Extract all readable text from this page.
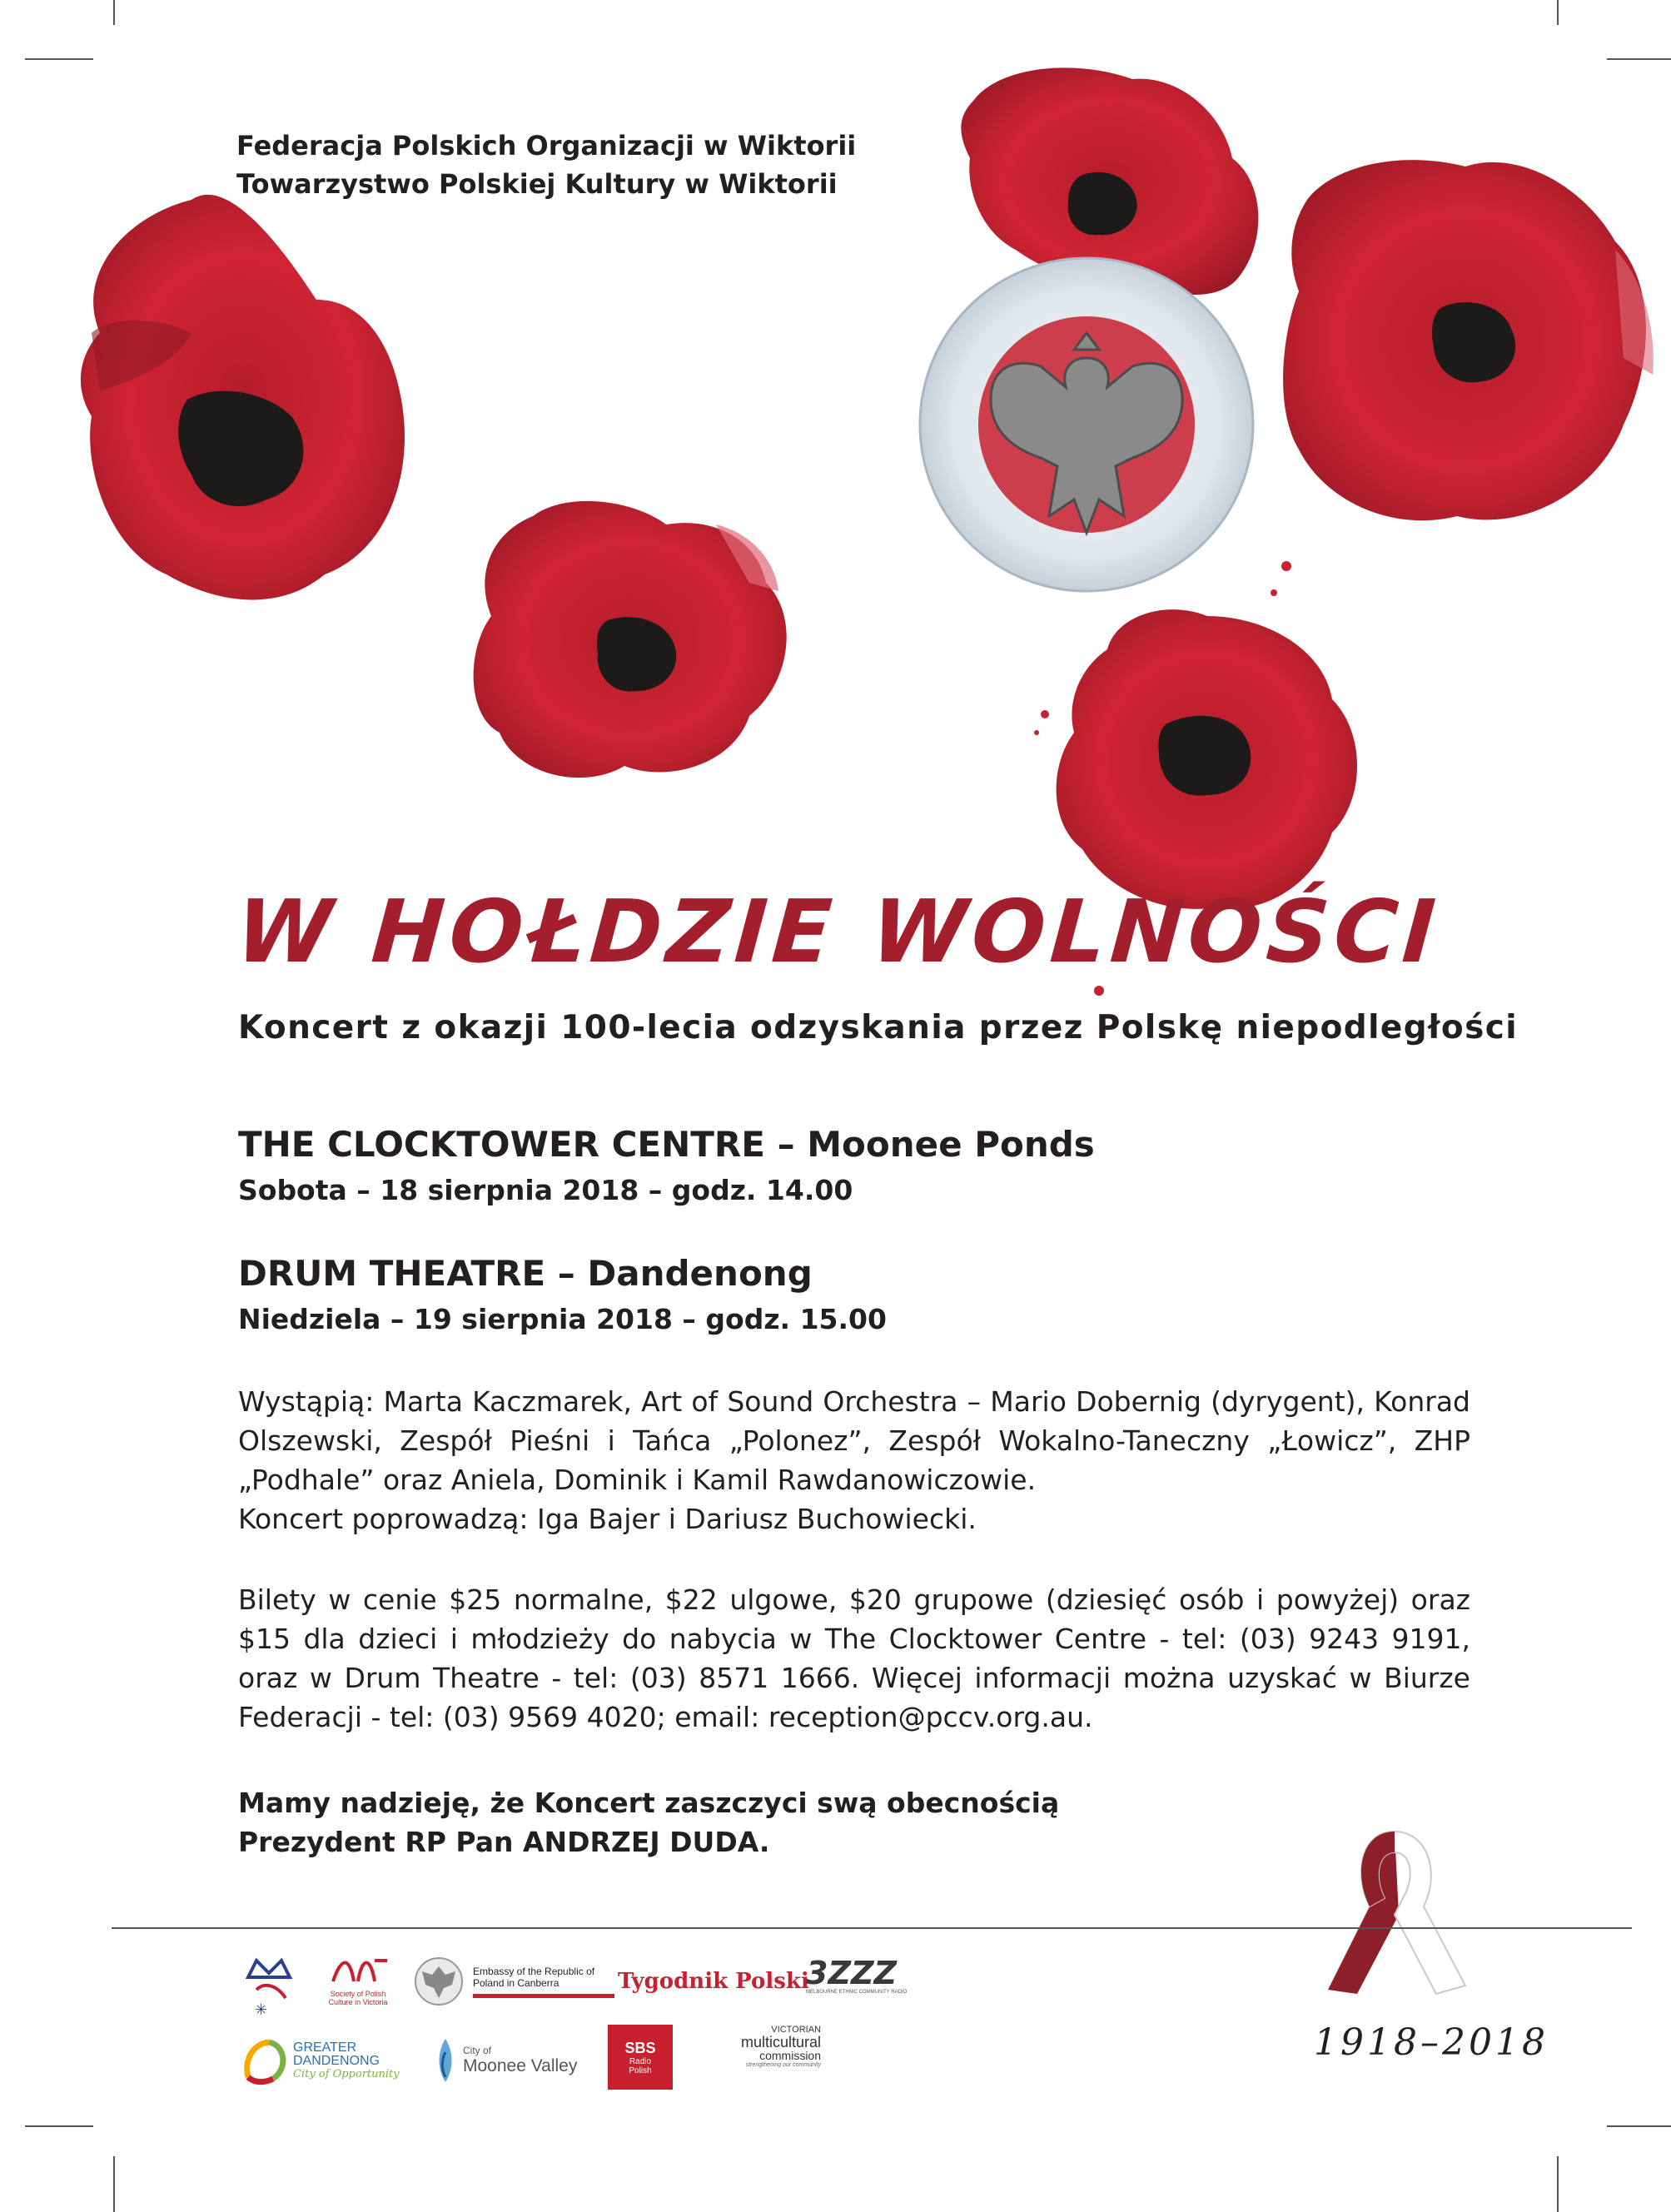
Federacja Polskich Organizacji w Wiktorii
Towarzystwo Polskiej Kultury w Wiktorii
W HOŁDZIE WOLNOŚCI
Koncert z okazji 100-lecia odzyskania przez Polskę niepodległości
THE CLOCKTOWER CENTRE – Moonee Ponds
Sobota – 18 sierpnia 2018 – godz. 14.00
DRUM THEATRE – Dandenong
Niedziela – 19 sierpnia 2018 – godz. 15.00

Wystąpią: Marta Kaczmarek, Art of Sound Orchestra – Mario Dobernig (dyrygent), Konrad Olszewski, Zespół Pieśni i Tańca „Polonez”, Zespół Wokalno-Taneczny „Łowicz”, ZHP „Podhale” oraz Aniela, Dominik i Kamil Rawdanowiczowie.

Koncert poprowadzą: Iga Bajer i Dariusz Buchowiecki.

Bilety w cenie $25 normalne, $22 ulgowe, $20 grupowe (dziesięć osób i powyżej) oraz $15 dla dzieci i młodzieży do nabycia w The Clocktower Centre - tel: (03) 9243 9191, oraz w Drum Theatre - tel: (03) 8571 1666. Więcej informacji można uzyskać w Biurze Federacji - tel: (03) 9569 4020; email: reception@pccv.org.au.

Mamy nadzieję, że Koncert zaszczyci swą obecnością
Prezydent RP Pan ANDRZEJ DUDA.
1918–2018
✳
Society of Polish Culture in Victoria
Embassy of the Republic of Poland in Canberra	Tygodnik Polski
3ZZZ
MELBOURNE ETHNIC COMMUNITY RADIO
GREATER
DANDENONG
City of Opportunity
City of
Moonee Valley
SBS
Radio
Polish
VICTORIAN
multicultural
commission
strengthening our community
